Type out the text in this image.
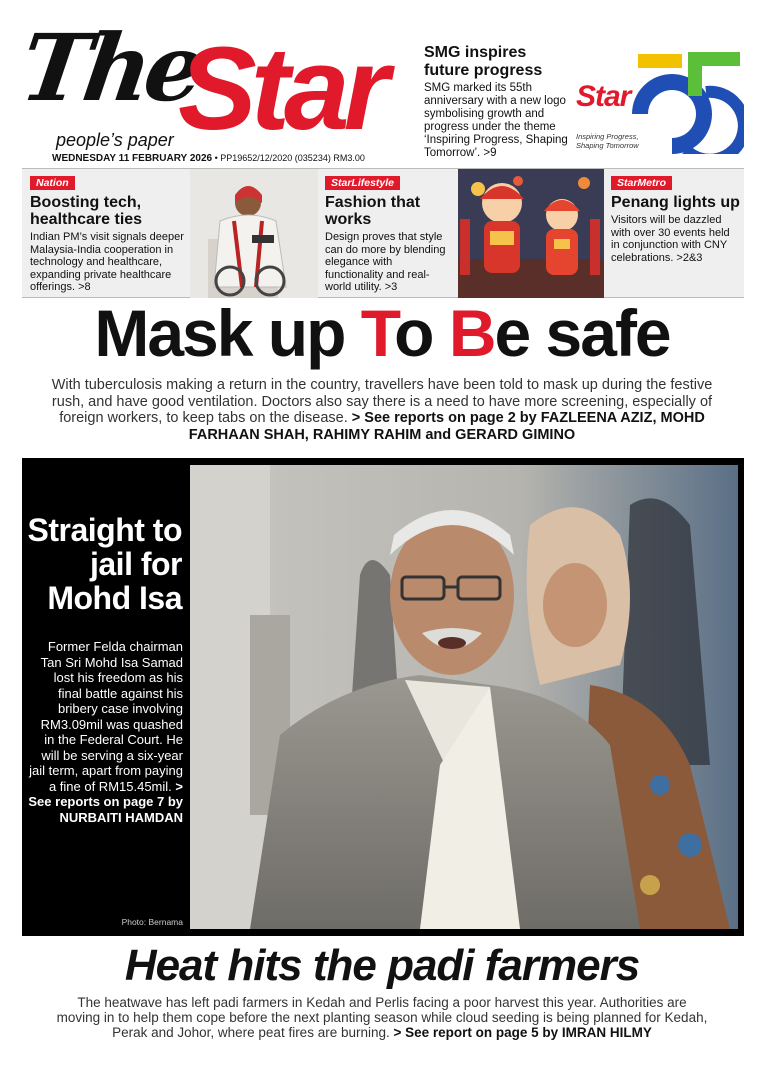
The
Star
people’s paper
WEDNESDAY 11 FEBRUARY 2026 • PP19652/12/2020 (035234) RM3.00
SMG inspires future progress
SMG marked its 55th anniversary with a new logo symbolising growth and progress under the theme ‘Inspiring Progress, Shaping Tomorrow’. >9
Star
Inspiring Progress,
Shaping Tomorrow
Nation
Boosting tech, healthcare ties
Indian PM’s visit signals deeper Malaysia-India cooperation in technology and healthcare, expanding private healthcare offerings. >8
StarLifestyle
Fashion that works
Design proves that style can do more by blending elegance with functionality and real-world utility. >3
StarMetro
Penang lights up
Visitors will be dazzled with over 30 events held in conjunction with CNY celebrations. >2&3
Mask up To Be safe
With tuberculosis making a return in the country, travellers have been told to mask up during the festive rush, and have good ventilation. Doctors also say there is a need to have more screening, especially of foreign workers, to keep tabs on the disease. > See reports on page 2 by FAZLEENA AZIZ, MOHD FARHAAN SHAH, RAHIMY RAHIM and GERARD GIMINO
Straight to jail for Mohd Isa
Former Felda chairman Tan Sri Mohd Isa Samad lost his freedom as his final battle against his bribery case involving RM3.09mil was quashed in the Federal Court. He will be serving a six-year jail term, apart from paying a fine of RM15.45mil. > See reports on page 7 by NURBAITI HAMDAN
Photo: Bernama
Heat hits the padi farmers
The heatwave has left padi farmers in Kedah and Perlis facing a poor harvest this year. Authorities are moving in to help them cope before the next planting season while cloud seeding is being planned for Kedah, Perak and Johor, where peat fires are burning. > See report on page 5 by IMRAN HILMY
